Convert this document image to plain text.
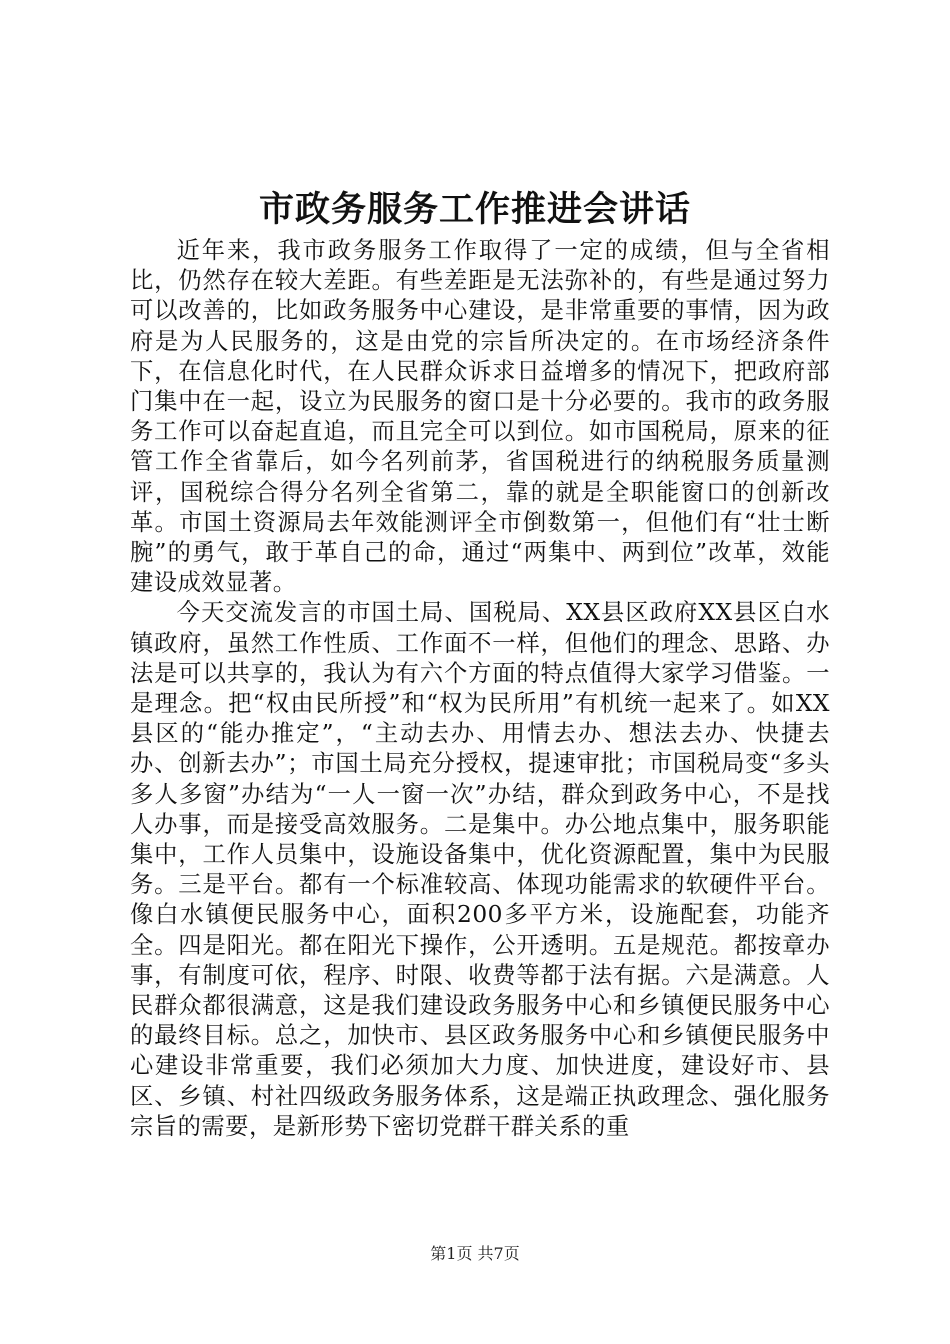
市政务服务工作推进会讲话

近年来，我市政务服务工作取得了一定的成绩，但与全省相比，仍然存在较大差距。有些差距是无法弥补的，有些是通过努力可以改善的，比如政务服务中心建设，是非常重要的事情，因为政府是为人民服务的，这是由党的宗旨所决定的。在市场经济条件下，在信息化时代，在人民群众诉求日益增多的情况下，把政府部门集中在一起，设立为民服务的窗口是十分必要的。我市的政务服务工作可以奋起直追，而且完全可以到位。如市国税局，原来的征管工作全省靠后，如今名列前茅，省国税进行的纳税服务质量测评，国税综合得分名列全省第二，靠的就是全职能窗口的创新改革。市国土资源局去年效能测评全市倒数第一，但他们有“壮士断腕”的勇气，敢于革自己的命，通过“两集中、两到位”改革，效能建设成效显著。

今天交流发言的市国土局、国税局、XX县区政府XX县区白水镇政府，虽然工作性质、工作面不一样，但他们的理念、思路、办法是可以共享的，我认为有六个方面的特点值得大家学习借鉴。一是理念。把“权由民所授”和“权为民所用”有机统一起来了。如XX县区的“能办推定”，“主动去办、用情去办、想法去办、快捷去办、创新去办”；市国土局充分授权，提速审批；市国税局变“多头多人多窗”办结为“一人一窗一次”办结，群众到政务中心，不是找人办事，而是接受高效服务。二是集中。办公地点集中，服务职能集中，工作人员集中，设施设备集中，优化资源配置，集中为民服务。三是平台。都有一个标准较高、体现功能需求的软硬件平台。像白水镇便民服务中心，面积200多平方米，设施配套，功能齐全。四是阳光。都在阳光下操作，公开透明。五是规范。都按章办事，有制度可依，程序、时限、收费等都于法有据。六是满意。人民群众都很满意，这是我们建设政务服务中心和乡镇便民服务中心的最终目标。总之，加快市、县区政务服务中心和乡镇便民服务中心建设非常重要，我们必须加大力度、加快进度，建设好市、县区、乡镇、村社四级政务服务体系，这是端正执政理念、强化服务宗旨的需要，是新形势下密切党群干群关系的重

第1页 共7页
